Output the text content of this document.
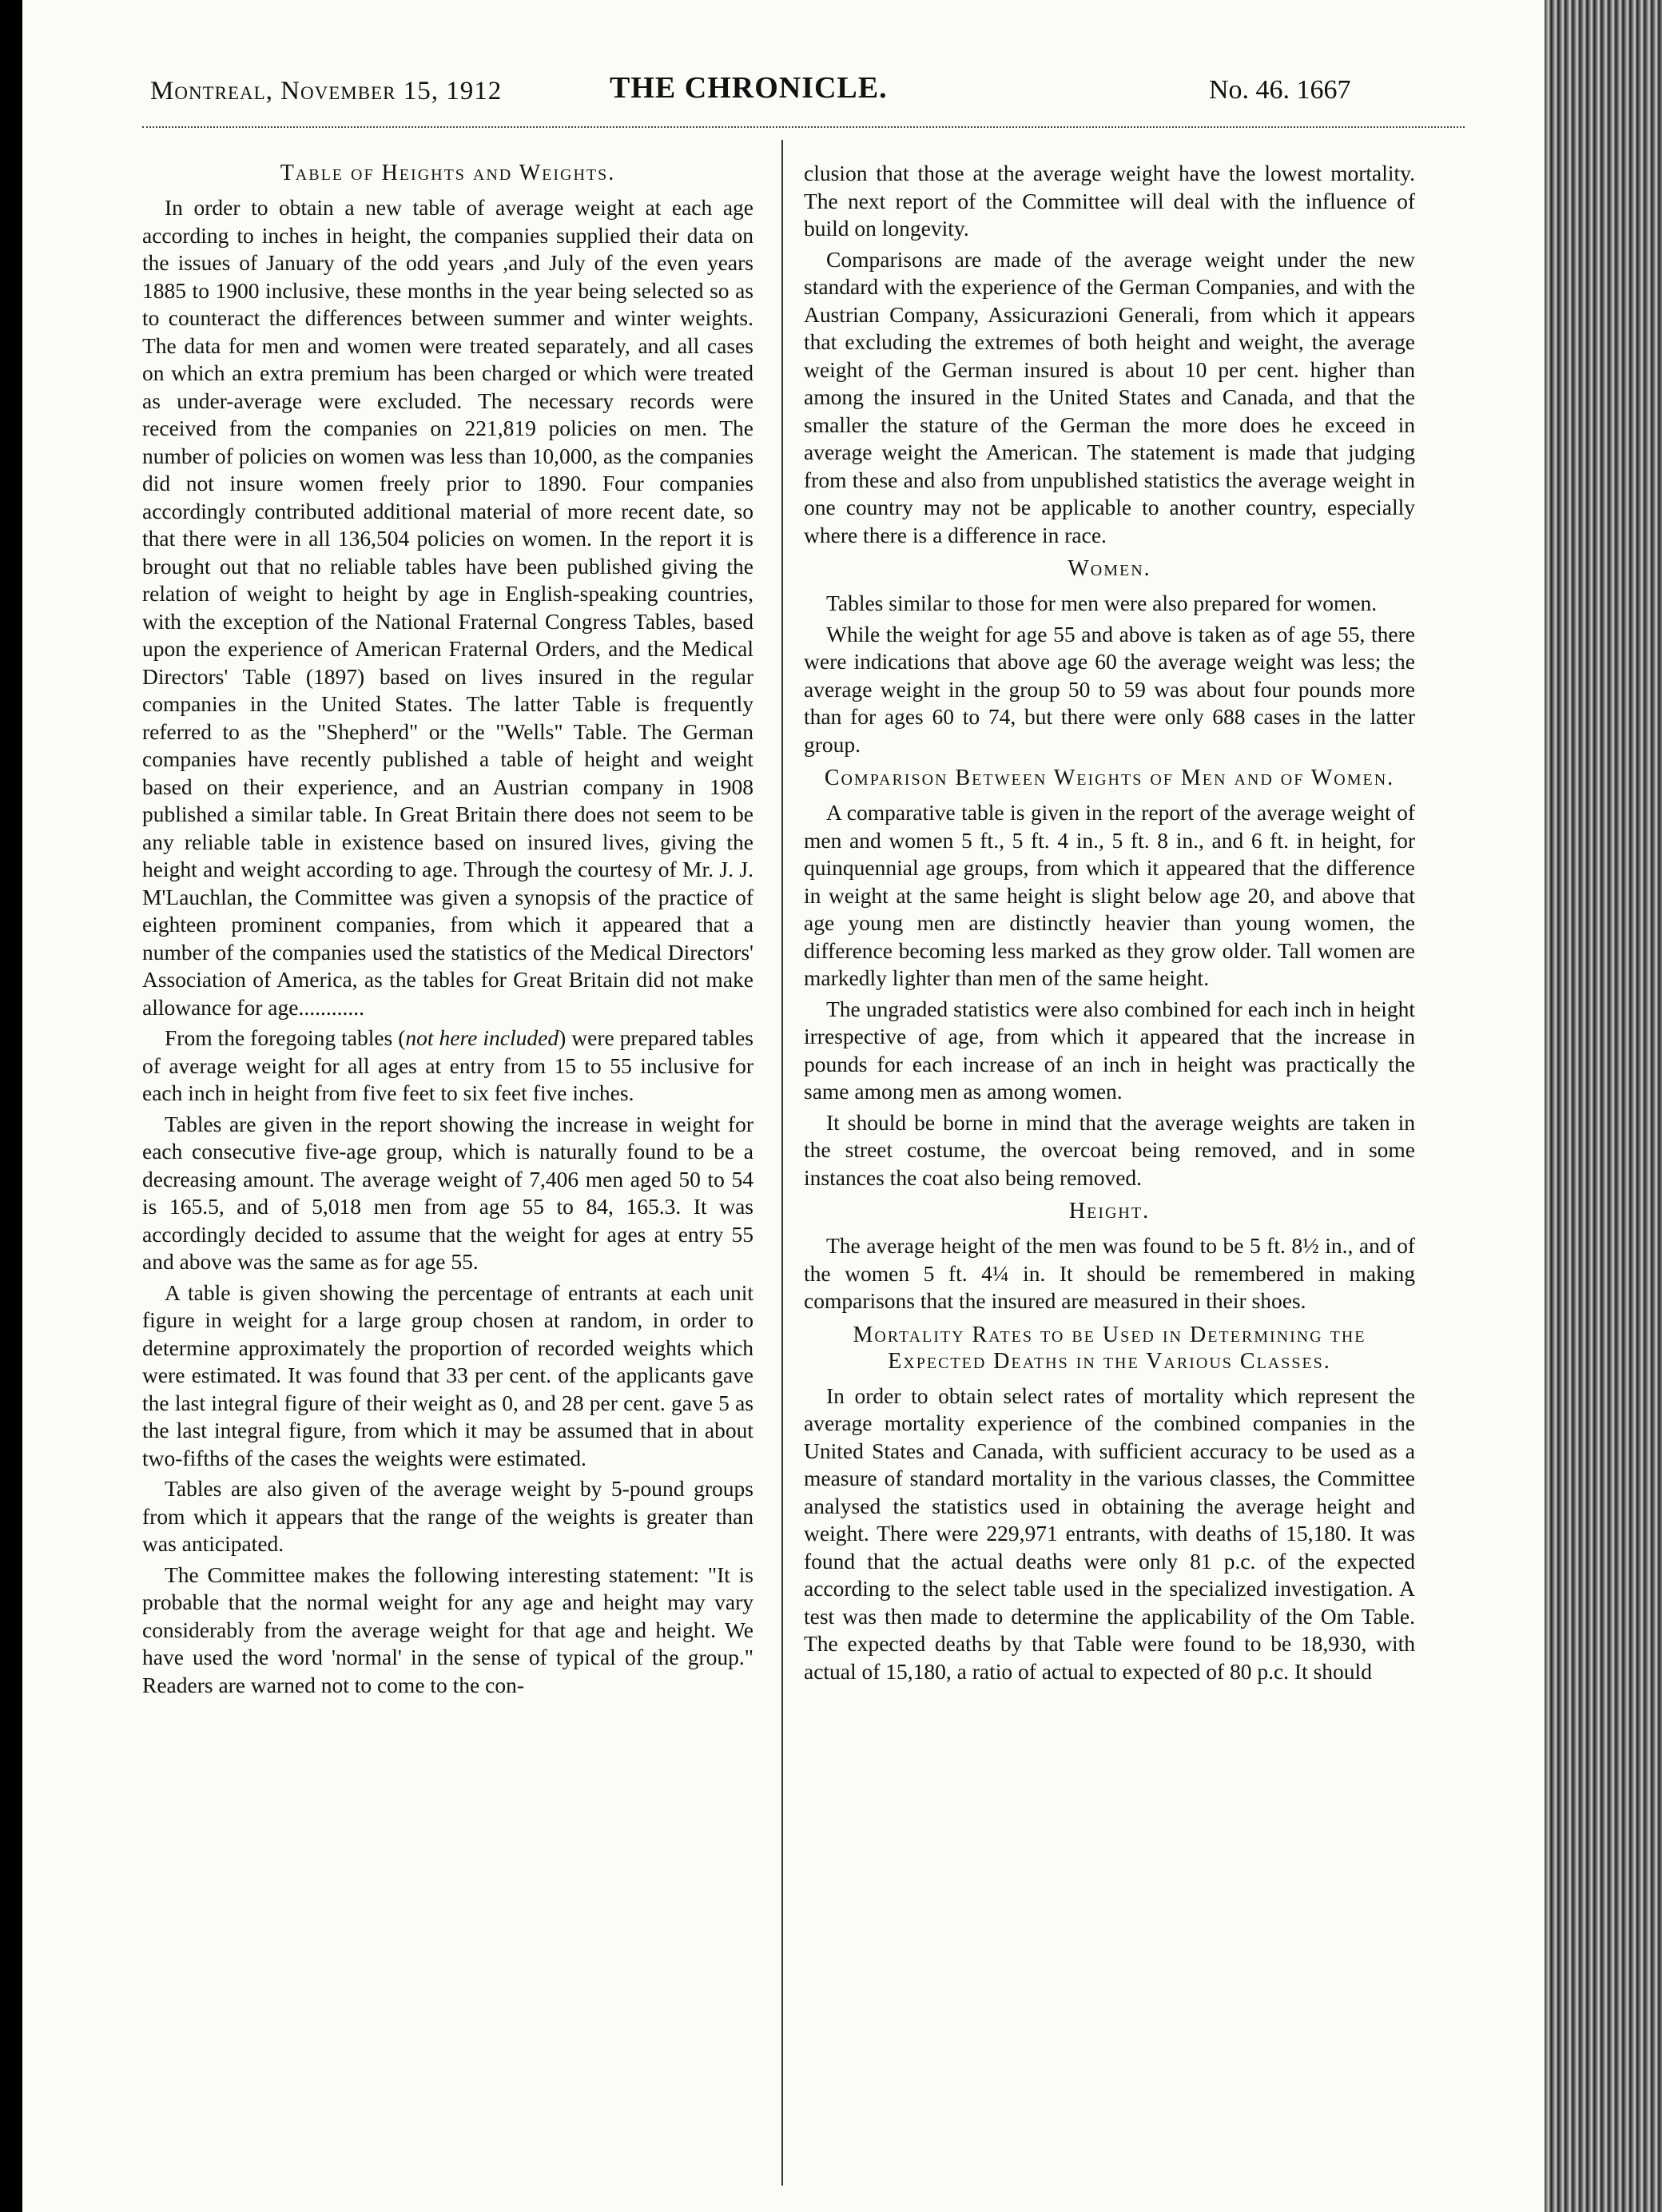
Montreal, November 15, 1912	THE CHRONICLE.	No. 46. 1667
Table of Heights and Weights.

In order to obtain a new table of average weight at each age according to inches in height, the companies supplied their data on the issues of January of the odd years ,and July of the even years 1885 to 1900 inclusive, these months in the year being selected so as to counteract the differences between summer and winter weights. The data for men and women were treated separately, and all cases on which an extra premium has been charged or which were treated as under-average were excluded. The necessary records were received from the companies on 221,819 policies on men. The number of policies on women was less than 10,000, as the companies did not insure women freely prior to 1890. Four companies accordingly contributed additional material of more recent date, so that there were in all 136,504 policies on women. In the report it is brought out that no reliable tables have been published giving the relation of weight to height by age in English-speaking countries, with the exception of the National Fraternal Congress Tables, based upon the experience of American Fraternal Orders, and the Medical Directors' Table (1897) based on lives insured in the regular companies in the United States. The latter Table is frequently referred to as the "Shepherd" or the "Wells" Table. The German companies have recently published a table of height and weight based on their experience, and an Austrian company in 1908 published a similar table. In Great Britain there does not seem to be any reliable table in existence based on insured lives, giving the height and weight according to age. Through the courtesy of Mr. J. J. M'Lauchlan, the Committee was given a synopsis of the practice of eighteen prominent companies, from which it appeared that a number of the companies used the statistics of the Medical Directors' Association of America, as the tables for Great Britain did not make allowance for age............

From the foregoing tables (not here included) were prepared tables of average weight for all ages at entry from 15 to 55 inclusive for each inch in height from five feet to six feet five inches.

Tables are given in the report showing the increase in weight for each consecutive five-age group, which is naturally found to be a decreasing amount. The average weight of 7,406 men aged 50 to 54 is 165.5, and of 5,018 men from age 55 to 84, 165.3. It was accordingly decided to assume that the weight for ages at entry 55 and above was the same as for age 55.

A table is given showing the percentage of entrants at each unit figure in weight for a large group chosen at random, in order to determine approximately the proportion of recorded weights which were estimated. It was found that 33 per cent. of the applicants gave the last integral figure of their weight as 0, and 28 per cent. gave 5 as the last integral figure, from which it may be assumed that in about two-fifths of the cases the weights were estimated.

Tables are also given of the average weight by 5-pound groups from which it appears that the range of the weights is greater than was anticipated.

The Committee makes the following interesting statement: "It is probable that the normal weight for any age and height may vary considerably from the average weight for that age and height. We have used the word 'normal' in the sense of typical of the group." Readers are warned not to come to the con-

clusion that those at the average weight have the lowest mortality. The next report of the Committee will deal with the influence of build on longevity.

Comparisons are made of the average weight under the new standard with the experience of the German Companies, and with the Austrian Company, Assicurazioni Generali, from which it appears that excluding the extremes of both height and weight, the average weight of the German insured is about 10 per cent. higher than among the insured in the United States and Canada, and that the smaller the stature of the German the more does he exceed in average weight the American. The statement is made that judging from these and also from unpublished statistics the average weight in one country may not be applicable to another country, especially where there is a difference in race.

Women.

Tables similar to those for men were also prepared for women.

While the weight for age 55 and above is taken as of age 55, there were indications that above age 60 the average weight was less; the average weight in the group 50 to 59 was about four pounds more than for ages 60 to 74, but there were only 688 cases in the latter group.

Comparison Between Weights of Men and of Women.

A comparative table is given in the report of the average weight of men and women 5 ft., 5 ft. 4 in., 5 ft. 8 in., and 6 ft. in height, for quinquennial age groups, from which it appeared that the difference in weight at the same height is slight below age 20, and above that age young men are distinctly heavier than young women, the difference becoming less marked as they grow older. Tall women are markedly lighter than men of the same height.

The ungraded statistics were also combined for each inch in height irrespective of age, from which it appeared that the increase in pounds for each increase of an inch in height was practically the same among men as among women.

It should be borne in mind that the average weights are taken in the street costume, the overcoat being removed, and in some instances the coat also being removed.

Height.

The average height of the men was found to be 5 ft. 8½ in., and of the women 5 ft. 4¼ in. It should be remembered in making comparisons that the insured are measured in their shoes.

Mortality Rates to be Used in Determining the Expected Deaths in the Various Classes.

In order to obtain select rates of mortality which represent the average mortality experience of the combined companies in the United States and Canada, with sufficient accuracy to be used as a measure of standard mortality in the various classes, the Committee analysed the statistics used in obtaining the average height and weight. There were 229,971 entrants, with deaths of 15,180. It was found that the actual deaths were only 81 p.c. of the expected according to the select table used in the specialized investigation. A test was then made to determine the applicability of the Om Table. The expected deaths by that Table were found to be 18,930, with actual of 15,180, a ratio of actual to expected of 80 p.c. It should
